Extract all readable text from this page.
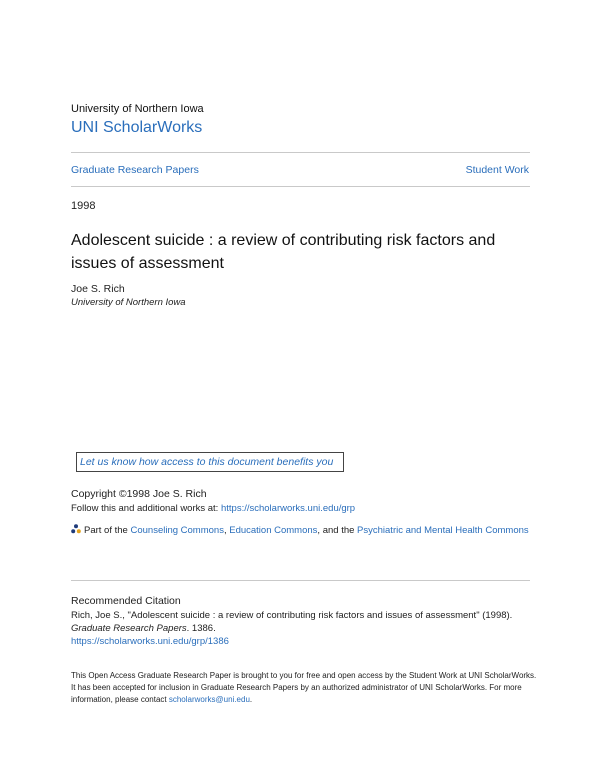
University of Northern Iowa
UNI ScholarWorks
Graduate Research Papers	Student Work
1998
Adolescent suicide : a review of contributing risk factors and issues of assessment
Joe S. Rich
University of Northern Iowa
Let us know how access to this document benefits you
Copyright ©1998 Joe S. Rich
Follow this and additional works at: https://scholarworks.uni.edu/grp
Part of the Counseling Commons, Education Commons, and the Psychiatric and Mental Health Commons
Recommended Citation
Rich, Joe S., "Adolescent suicide : a review of contributing risk factors and issues of assessment" (1998).
Graduate Research Papers. 1386.
https://scholarworks.uni.edu/grp/1386
This Open Access Graduate Research Paper is brought to you for free and open access by the Student Work at UNI ScholarWorks. It has been accepted for inclusion in Graduate Research Papers by an authorized administrator of UNI ScholarWorks. For more information, please contact scholarworks@uni.edu.
